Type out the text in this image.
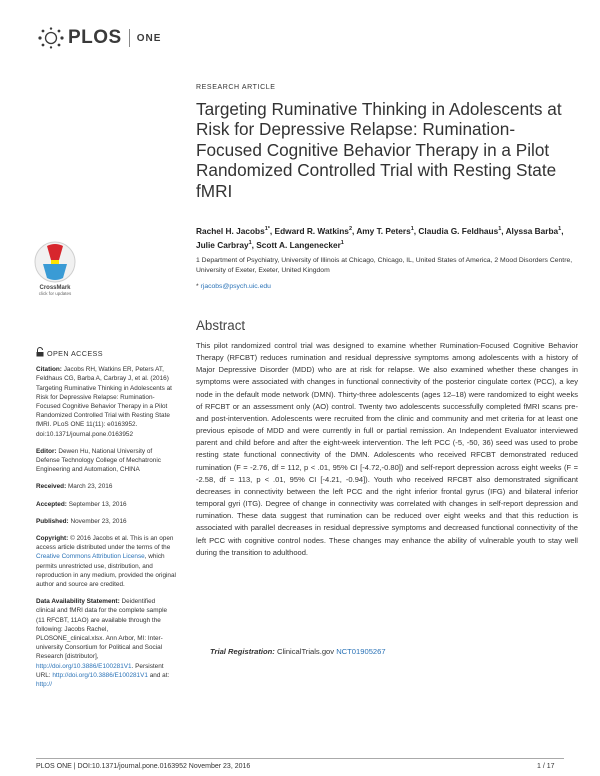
PLOS ONE
RESEARCH ARTICLE
Targeting Ruminative Thinking in Adolescents at Risk for Depressive Relapse: Rumination-Focused Cognitive Behavior Therapy in a Pilot Randomized Controlled Trial with Resting State fMRI
Rachel H. Jacobs$^{1*}$, Edward R. Watkins$^2$, Amy T. Peters$^1$, Claudia G. Feldhaus$^1$, Alyssa Barba$^1$, Julie Carbray$^1$, Scott A. Langenecker$^1$
1 Department of Psychiatry, University of Illinois at Chicago, Chicago, IL, United States of America, 2 Mood Disorders Centre, University of Exeter, Exeter, United Kingdom
* rjacobs@psych.uic.edu
CrossMark
click for updates
OPEN ACCESS

Citation: Jacobs RH, Watkins ER, Peters AT, Feldhaus CG, Barba A, Carbray J, et al. (2016) Targeting Ruminative Thinking in Adolescents at Risk for Depressive Relapse: Rumination-Focused Cognitive Behavior Therapy in a Pilot Randomized Controlled Trial with Resting State fMRI. PLoS ONE 11(11): e0163952. doi:10.1371/journal.pone.0163952

Editor: Dewen Hu, National University of Defense Technology College of Mechatronic Engineering and Automation, CHINA

Received: March 23, 2016

Accepted: September 13, 2016

Published: November 23, 2016

Copyright: © 2016 Jacobs et al. This is an open access article distributed under the terms of the Creative Commons Attribution License, which permits unrestricted use, distribution, and reproduction in any medium, provided the original author and source are credited.

Data Availability Statement: Deidentified clinical and fMRI data for the complete sample (11 RFCBT, 11AO) are available through the following: Jacobs Rachel, PLOSONE_clinical.xlsx. Ann Arbor, MI: Inter-university Consortium for Political and Social Research [distributor], http://doi.org/10.3886/E100281V1. Persistent URL: http://doi.org/10.3886/E100281V1 and at: http://

Abstract

This pilot randomized control trial was designed to examine whether Rumination-Focused Cognitive Behavior Therapy (RFCBT) reduces rumination and residual depressive symptoms among adolescents with a history of Major Depressive Disorder (MDD) who are at risk for relapse. We also examined whether these changes in symptoms were associated with changes in functional connectivity of the posterior cingulate cortex (PCC), a key node in the default mode network (DMN). Thirty-three adolescents (ages 12–18) were randomized to eight weeks of RFCBT or an assessment only (AO) control. Twenty two adolescents successfully completed fMRI scans pre- and post-intervention. Adolescents were recruited from the clinic and community and met criteria for at least one previous episode of MDD and were currently in full or partial remission. An Independent Evaluator interviewed parent and child before and after the eight-week intervention. The left PCC (-5, -50, 36) seed was used to probe resting state functional connectivity of the DMN. Adolescents who received RFCBT demonstrated reduced rumination (F = -2.76, df = 112, p < .01, 95% CI [-4.72,-0.80]) and self-report depression across eight weeks (F = -2.58, df = 113, p < .01, 95% CI [-4.21, -0.94]). Youth who received RFCBT also demonstrated significant decreases in connectivity between the left PCC and the right inferior frontal gyrus (IFG) and bilateral inferior temporal gyri (ITG). Degree of change in connectivity was correlated with changes in self-report depression and rumination. These data suggest that rumination can be reduced over eight weeks and that this reduction is associated with parallel decreases in residual depressive symptoms and decreased functional connectivity of the left PCC with cognitive control nodes. These changes may enhance the ability of vulnerable youth to stay well during the transition to adulthood.

Trial Registration: ClinicalTrials.gov NCT01905267
PLOS ONE | DOI:10.1371/journal.pone.0163952 November 23, 2016	1 / 17
